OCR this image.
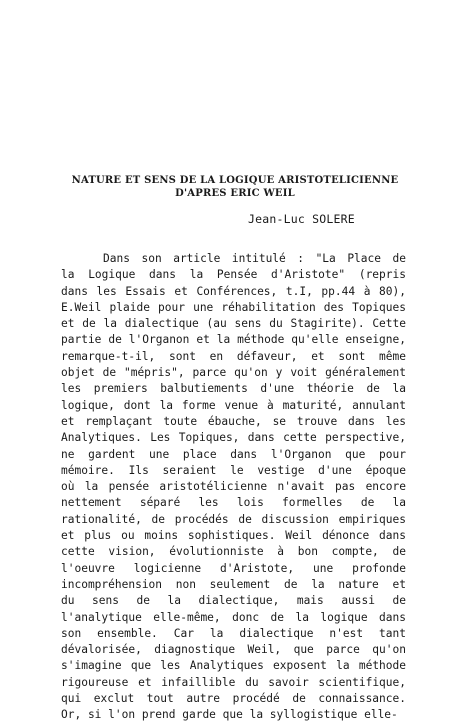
NATURE ET SENS DE LA LOGIQUE ARISTOTELICIENNE
D'APRES ERIC WEIL
Jean-Luc SOLERE
Dans son article intitulé : "La Place de
la Logique dans la Pensée d'Aristote" (repris
dans les Essais et Conférences, t.I, pp.44 à 80),
E.Weil plaide pour une réhabilitation des Topiques
et de la dialectique (au sens du Stagirite). Cette
partie de l'Organon et la méthode qu'elle enseigne,
remarque-t-il, sont en défaveur, et sont même
objet de "mépris", parce qu'on y voit généralement
les premiers balbutiements d'une théorie de la
logique, dont la forme venue à maturité, annulant
et remplaçant toute ébauche, se trouve dans les
Analytiques. Les Topiques, dans cette perspective,
ne gardent une place dans l'Organon que pour
mémoire. Ils seraient le vestige d'une époque
où la pensée aristotélicienne n'avait pas encore
nettement séparé les lois formelles de la
rationalité, de procédés de discussion empiriques
et plus ou moins sophistiques. Weil dénonce dans
cette vision, évolutionniste à bon compte, de
l'oeuvre logicienne d'Aristote, une profonde
incompréhension non seulement de la nature et
du sens de la dialectique, mais aussi de
l'analytique elle-même, donc de la logique dans
son ensemble. Car la dialectique n'est tant
dévalorisée, diagnostique Weil, que parce qu'on
s'imagine que les Analytiques exposent la méthode
rigoureuse et infaillible du savoir scientifique,
qui exclut tout autre procédé de connaissance.
Or, si l'on prend garde que la syllogistique elle-
